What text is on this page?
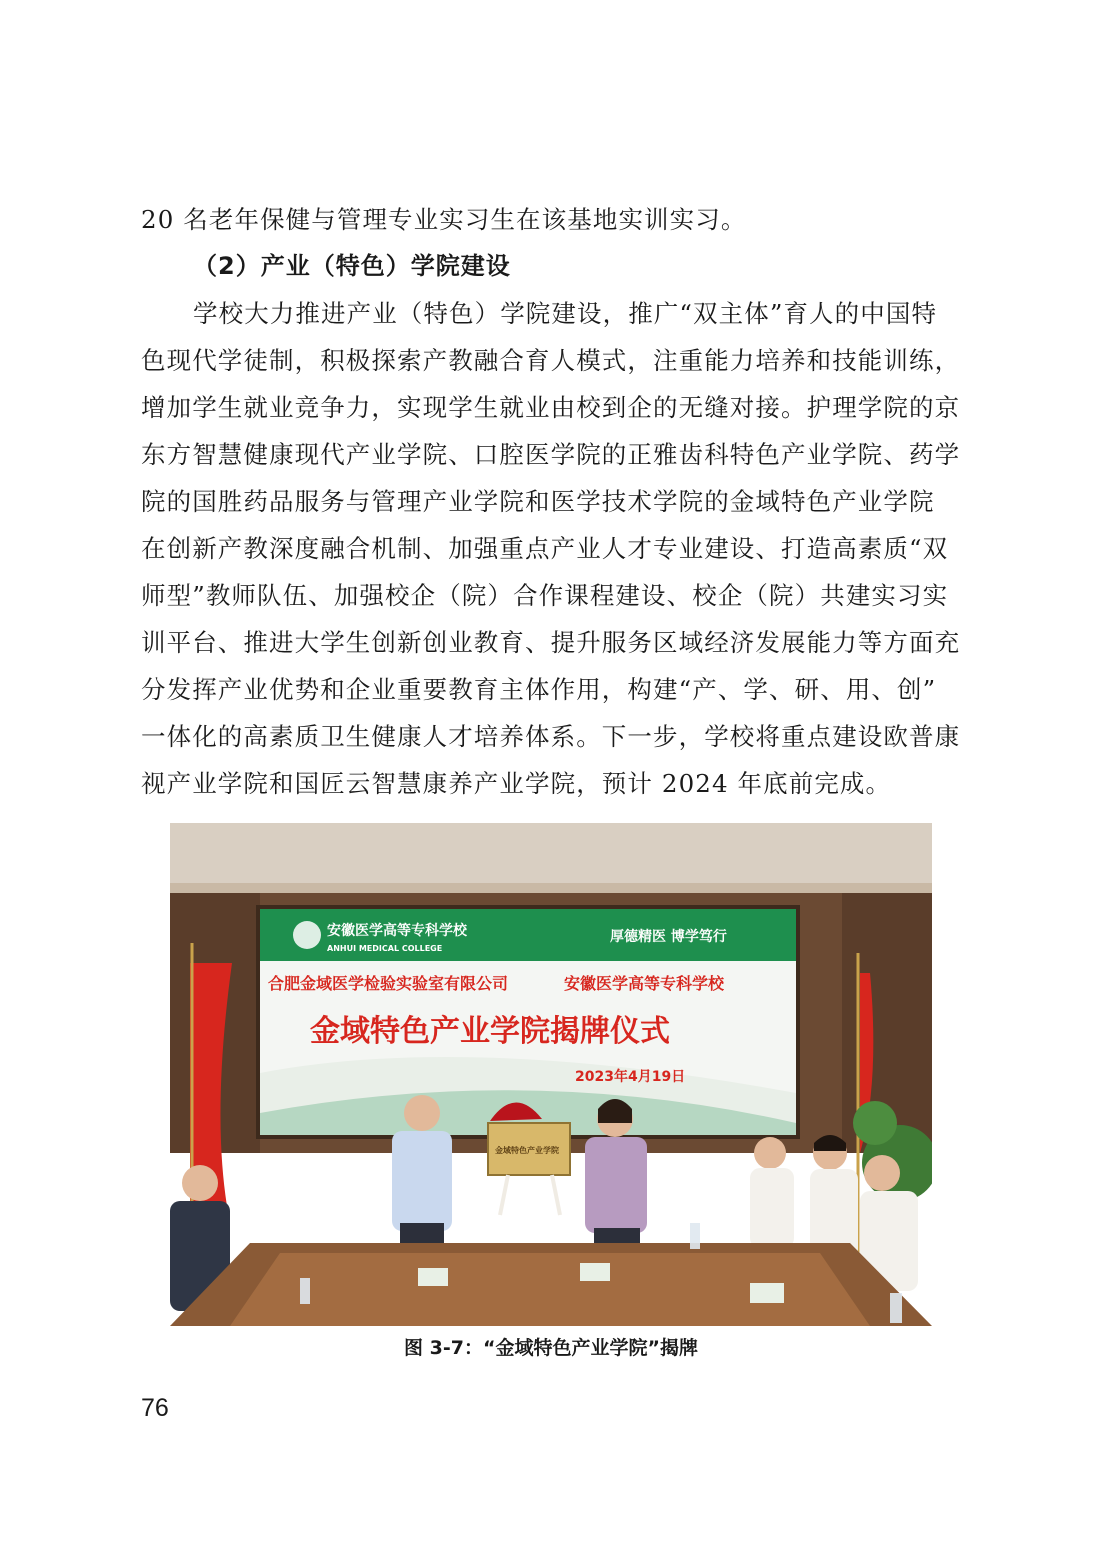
20 名老年保健与管理专业实习生在该基地实训实习。
（2）产业（特色）学院建设
学校大力推进产业（特色）学院建设，推广“双主体”育人的中国特
色现代学徒制，积极探索产教融合育人模式，注重能力培养和技能训练，
增加学生就业竞争力，实现学生就业由校到企的无缝对接。护理学院的京
东方智慧健康现代产业学院、口腔医学院的正雅齿科特色产业学院、药学
院的国胜药品服务与管理产业学院和医学技术学院的金域特色产业学院
在创新产教深度融合机制、加强重点产业人才专业建设、打造高素质“双
师型”教师队伍、加强校企（院）合作课程建设、校企（院）共建实习实
训平台、推进大学生创新创业教育、提升服务区域经济发展能力等方面充
分发挥产业优势和企业重要教育主体作用，构建“产、学、研、用、创”
一体化的高素质卫生健康人才培养体系。下一步，学校将重点建设欧普康
视产业学院和国匠云智慧康养产业学院，预计 2024 年底前完成。
安徽医学高等专科学校
ANHUI MEDICAL COLLEGE
厚德精医 博学笃行
合肥金域医学检验实验室有限公司	安徽医学高等专科学校
金域特色产业学院揭牌仪式
2023年4月19日
金域特色产业学院
图 3-7：“金域特色产业学院”揭牌
76
